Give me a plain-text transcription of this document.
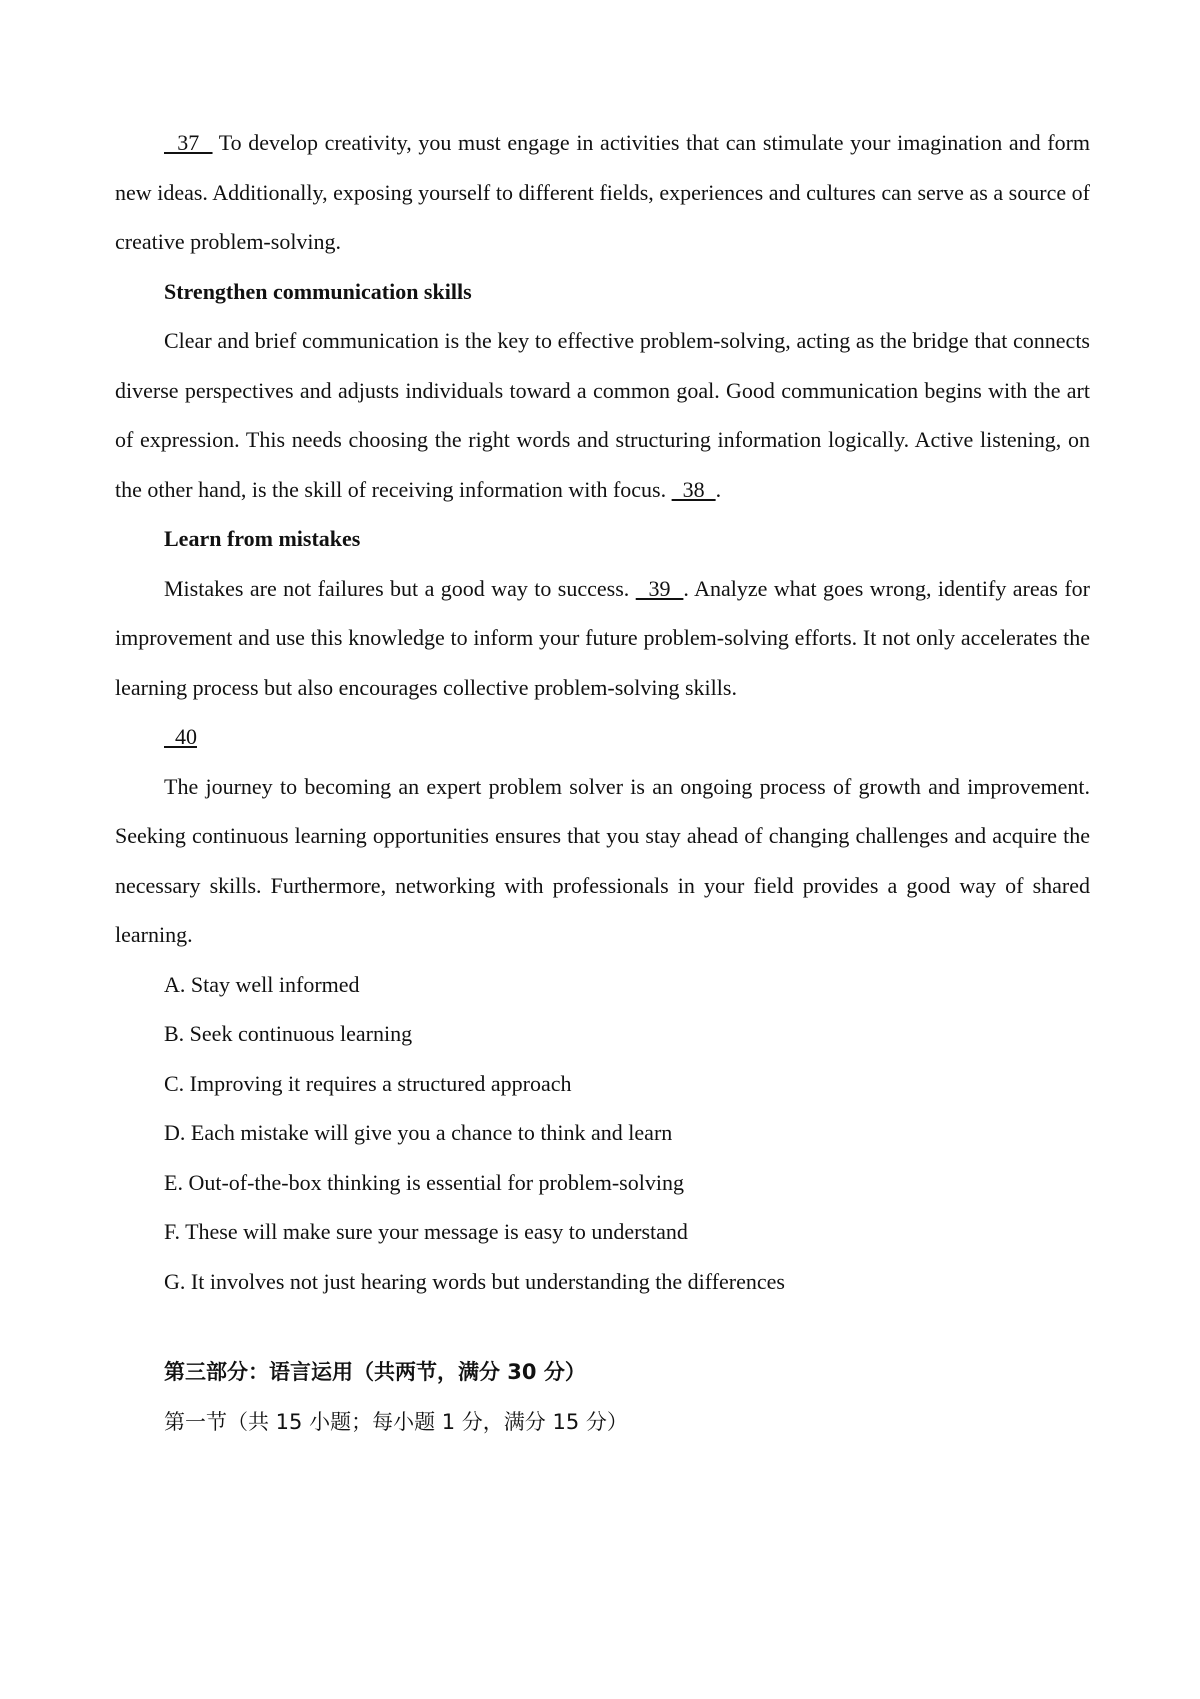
37   To develop creativity, you must engage in activities that can stimulate your imagination and form new ideas. Additionally, exposing yourself to different fields, experiences and cultures can serve as a source of creative problem-solving.

Strengthen communication skills

Clear and brief communication is the key to effective problem-solving, acting as the bridge that connects diverse perspectives and adjusts individuals toward a common goal. Good communication begins with the art of expression. This needs choosing the right words and structuring information logically. Active listening, on the other hand, is the skill of receiving information with focus.   38  .

Learn from mistakes

Mistakes are not failures but a good way to success.   39  . Analyze what goes wrong, identify areas for improvement and use this knowledge to inform your future problem-solving efforts. It not only accelerates the learning process but also encourages collective problem-solving skills.

40

The journey to becoming an expert problem solver is an ongoing process of growth and improvement. Seeking continuous learning opportunities ensures that you stay ahead of changing challenges and acquire the necessary skills. Furthermore, networking with professionals in your field provides a good way of shared learning.

A. Stay well informed

B. Seek continuous learning

C. Improving it requires a structured approach

D. Each mistake will give you a chance to think and learn

E. Out-of-the-box thinking is essential for problem-solving

F. These will make sure your message is easy to understand

G. It involves not just hearing words but understanding the differences

第三部分：语言运用（共两节，满分 30 分）

第一节（共 15 小题；每小题 1 分，满分 15 分）
